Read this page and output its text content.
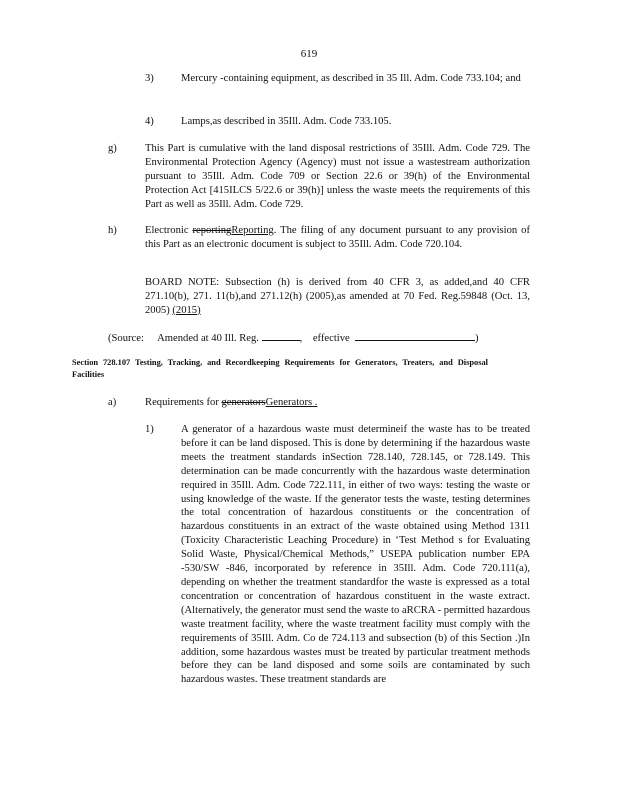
619
3)	Mercury -containing equipment, as described in 35 Ill. Adm. Code 733.104; and
4)	Lamps,as described in 35Ill. Adm. Code 733.105.
g)	This Part is cumulative with the land disposal restrictions of 35Ill. Adm. Code 729. The Environmental Protection Agency (Agency) must not issue a wastestream authorization pursuant to 35Ill. Adm. Code 709 or Section 22.6 or 39(h) of the Environmental Protection Act [415ILCS 5/22.6 or 39(h)] unless the waste meets the requirements of this Part as well as 35Ill. Adm. Code 729.
h)	Electronic reportingReporting. The filing of any document pursuant to any provision of this Part as an electronic document is subject to 35Ill. Adm. Code 720.104.
BOARD NOTE: Subsection (h) is derived from 40 CFR 3, as added,and 40 CFR 271.10(b), 271. 11(b),and 271.12(h) (2005),as amended at 70 Fed. Reg.59848 (Oct. 13, 2005) (2015)
(Source: Amended at 40 Ill. Reg.	,    effective	)
Section 728.107 Testing, Tracking, and Recordkeeping Requirements for Generators, Treaters, and Disposal Facilities
a)	Requirements for generatorsGenerators .
1)	A generator of a hazardous waste must determineif the waste has to be treated before it can be land disposed. This is done by determining if the hazardous waste meets the treatment standards inSection 728.140, 728.145, or 728.149. This determination can be made concurrently with the hazardous waste determination required in 35Ill. Adm. Code 722.111, in either of two ways: testing the waste or using knowledge of the waste. If the generator tests the waste, testing determines the total concentration of hazardous constituents or the concentration of hazardous constituents in an extract of the waste obtained using Method 1311 (Toxicity Characteristic Leaching Procedure) in ‘Test Method s for Evaluating Solid Waste, Physical/Chemical Methods,” USEPA publication number EPA -530/SW -846, incorporated by reference in 35Ill. Adm. Code 720.111(a), depending on whether the treatment standardfor the waste is expressed as a total concentration or concentration of hazardous constituent in the waste extract. (Alternatively, the generator must send the waste to aRCRA - permitted hazardous waste treatment facility, where the waste treatment facility must comply with the requirements of 35Ill. Adm. Co de 724.113 and subsection (b) of this Section .)In addition, some hazardous wastes must be treated by particular treatment methods before they can be land disposed and some soils are contaminated by such hazardous wastes. These treatment standards are
